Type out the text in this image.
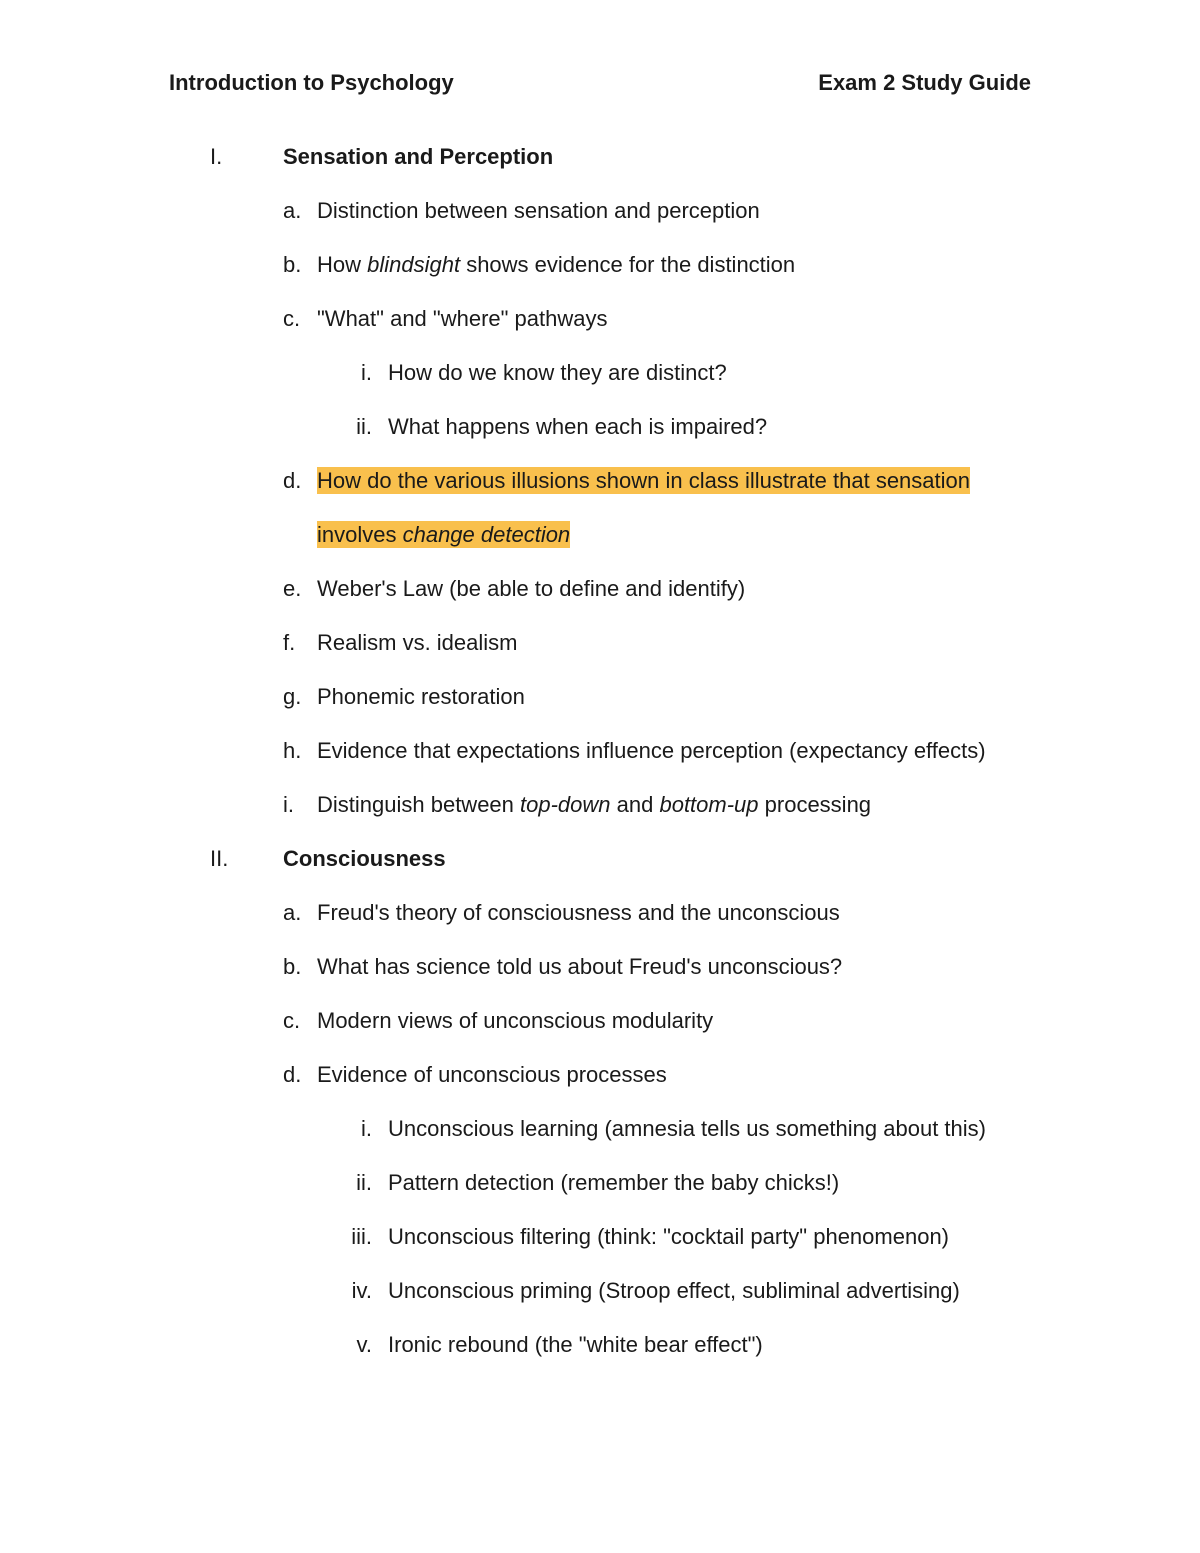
Introduction to Psychology	Exam 2 Study Guide
I.	Sensation and Perception
a. Distinction between sensation and perception
b. How blindsight shows evidence for the distinction
c. "What" and "where" pathways
i. How do we know they are distinct?
ii. What happens when each is impaired?
d. How do the various illusions shown in class illustrate that sensation
involves change detection
e. Weber's Law (be able to define and identify)
f. Realism vs. idealism
g. Phonemic restoration
h. Evidence that expectations influence perception (expectancy effects)
i. Distinguish between top-down and bottom-up processing
II. Consciousness
a. Freud's theory of consciousness and the unconscious
b. What has science told us about Freud's unconscious?
c. Modern views of unconscious modularity
d. Evidence of unconscious processes
i. Unconscious learning (amnesia tells us something about this)
ii. Pattern detection (remember the baby chicks!)
iii. Unconscious filtering (think: "cocktail party" phenomenon)
iv. Unconscious priming (Stroop effect, subliminal advertising)
v. Ironic rebound (the "white bear effect")
